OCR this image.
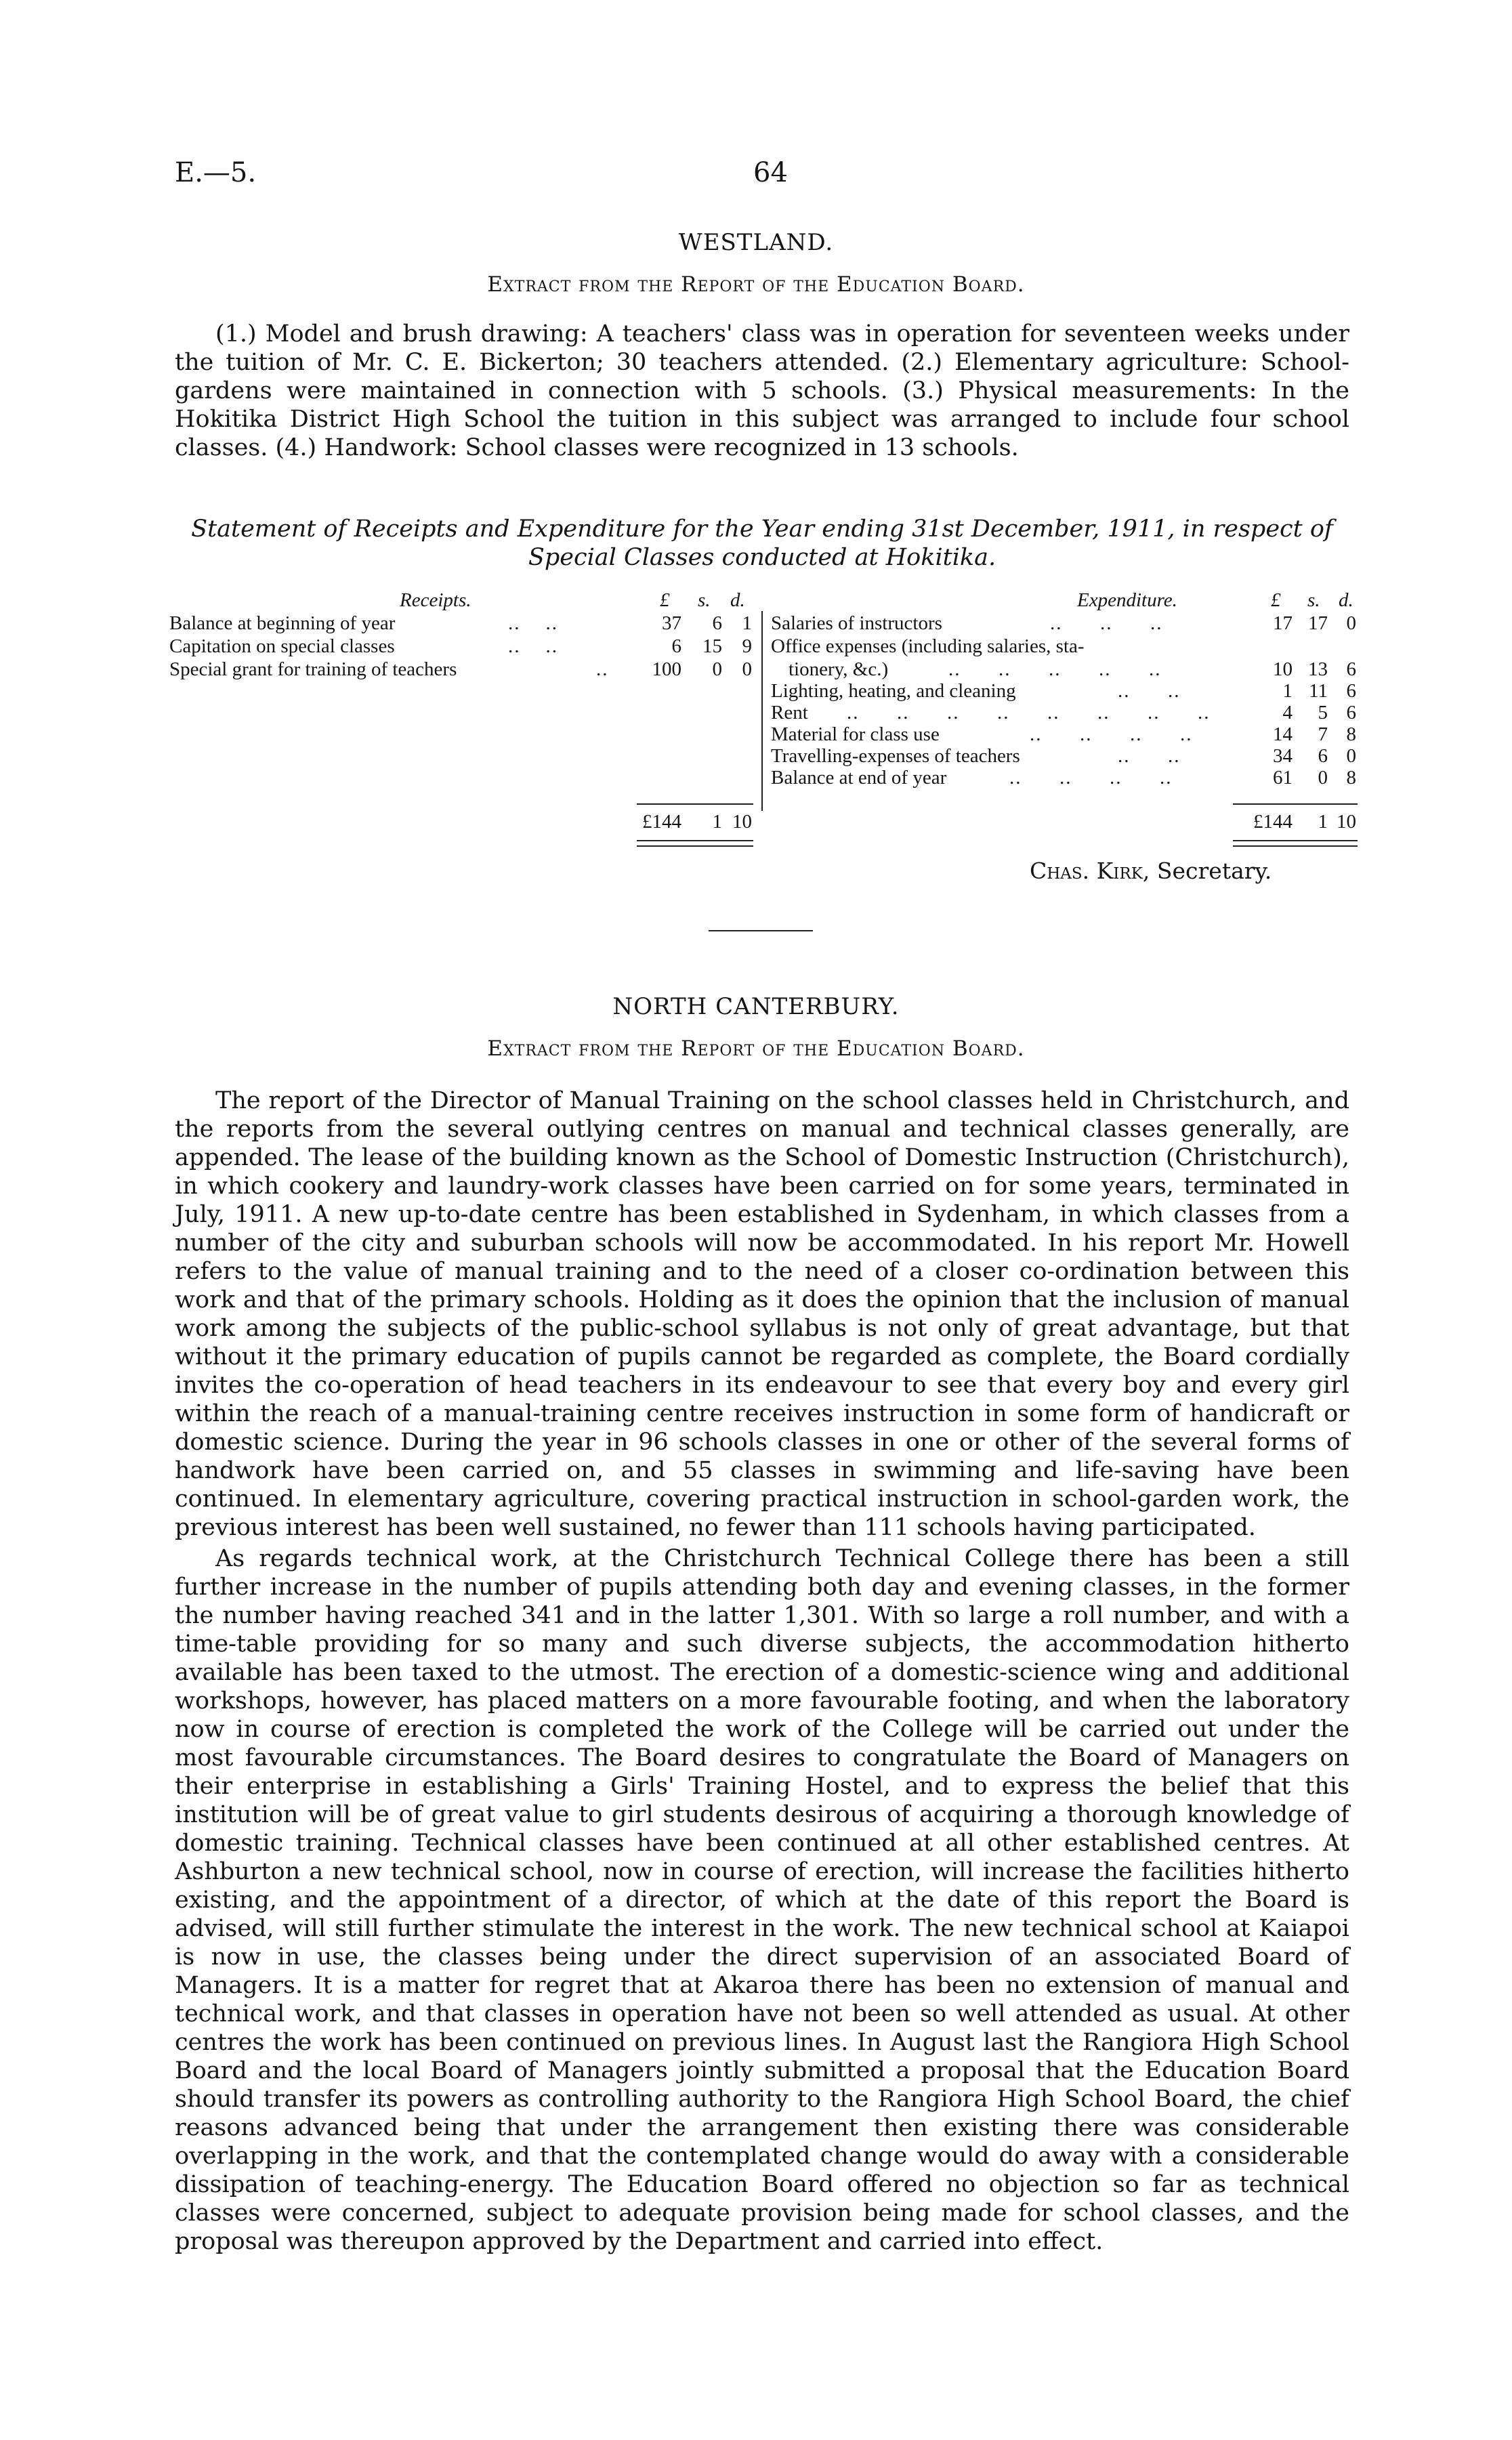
E.—5.	64
WESTLAND.
Extract from the Report of the Education Board.

(1.) Model and brush drawing: A teachers' class was in operation for seventeen weeks under the tuition of Mr. C. E. Bickerton; 30 teachers attended. (2.) Elementary agriculture: School-gardens were maintained in connection with 5 schools. (3.) Physical measurements: In the Hokitika District High School the tuition in this subject was arranged to include four school classes. (4.) Handwork: School classes were recognized in 13 schools.

Statement of Receipts and Expenditure for the Year ending 31st December, 1911, in respect of Special Classes conducted at Hokitika.

Receipts.	£ s. d.
Balance at beginning of year	..    ..	37	6	1
Capitation on special classes	..    ..	6	15	9
Special grant for training of teachers	..	100	0	0
£144	1 10
Expenditure.	£ s. d.
Salaries of instructors	..      ..      ..	17 17 0
Office expenses (including salaries, sta-
tionery, &c.)	..      ..      ..      ..      ..	10 13 6
Lighting, heating, and cleaning	..      ..	1 11 6
Rent ..      ..      ..      ..      ..      ..      ..      ..	4	5 6
Material for class use	..      ..      ..      ..	14	7 8
Travelling-expenses of teachers	..      ..	34	6 0
Balance at end of year	..      ..      ..      ..	61	0 8
£144	1 10
Chas. Kirk, Secretary.
NORTH CANTERBURY.
Extract from the Report of the Education Board.

The report of the Director of Manual Training on the school classes held in Christchurch, and the reports from the several outlying centres on manual and technical classes generally, are appended. The lease of the building known as the School of Domestic Instruction (Christchurch), in which cookery and laundry-work classes have been carried on for some years, terminated in July, 1911. A new up-to-date centre has been established in Sydenham, in which classes from a number of the city and suburban schools will now be accommodated. In his report Mr. Howell refers to the value of manual training and to the need of a closer co-ordination between this work and that of the primary schools. Holding as it does the opinion that the inclusion of manual work among the subjects of the public-school syllabus is not only of great advantage, but that without it the primary education of pupils cannot be regarded as complete, the Board cordially invites the co-operation of head teachers in its endeavour to see that every boy and every girl within the reach of a manual-training centre receives instruction in some form of handicraft or domestic science. During the year in 96 schools classes in one or other of the several forms of handwork have been carried on, and 55 classes in swimming and life-saving have been continued. In elementary agriculture, covering practical instruction in school-garden work, the previous interest has been well sustained, no fewer than 111 schools having participated.

As regards technical work, at the Christchurch Technical College there has been a still further increase in the number of pupils attending both day and evening classes, in the former the number having reached 341 and in the latter 1,301. With so large a roll number, and with a time-table providing for so many and such diverse subjects, the accommodation hitherto available has been taxed to the utmost. The erection of a domestic-science wing and additional workshops, however, has placed matters on a more favourable footing, and when the laboratory now in course of erection is completed the work of the College will be carried out under the most favourable circumstances. The Board desires to congratulate the Board of Managers on their enterprise in establishing a Girls' Training Hostel, and to express the belief that this institution will be of great value to girl students desirous of acquiring a thorough knowledge of domestic training. Technical classes have been continued at all other established centres. At Ashburton a new technical school, now in course of erection, will increase the facilities hitherto existing, and the appointment of a director, of which at the date of this report the Board is advised, will still further stimulate the interest in the work. The new technical school at Kaiapoi is now in use, the classes being under the direct supervision of an associated Board of Managers. It is a matter for regret that at Akaroa there has been no extension of manual and technical work, and that classes in operation have not been so well attended as usual. At other centres the work has been continued on previous lines. In August last the Rangiora High School Board and the local Board of Managers jointly submitted a proposal that the Education Board should transfer its powers as controlling authority to the Rangiora High School Board, the chief reasons advanced being that under the arrangement then existing there was considerable overlapping in the work, and that the contemplated change would do away with a considerable dissipation of teaching-energy. The Education Board offered no objection so far as technical classes were concerned, subject to adequate provision being made for school classes, and the proposal was thereupon approved by the Department and carried into effect.
